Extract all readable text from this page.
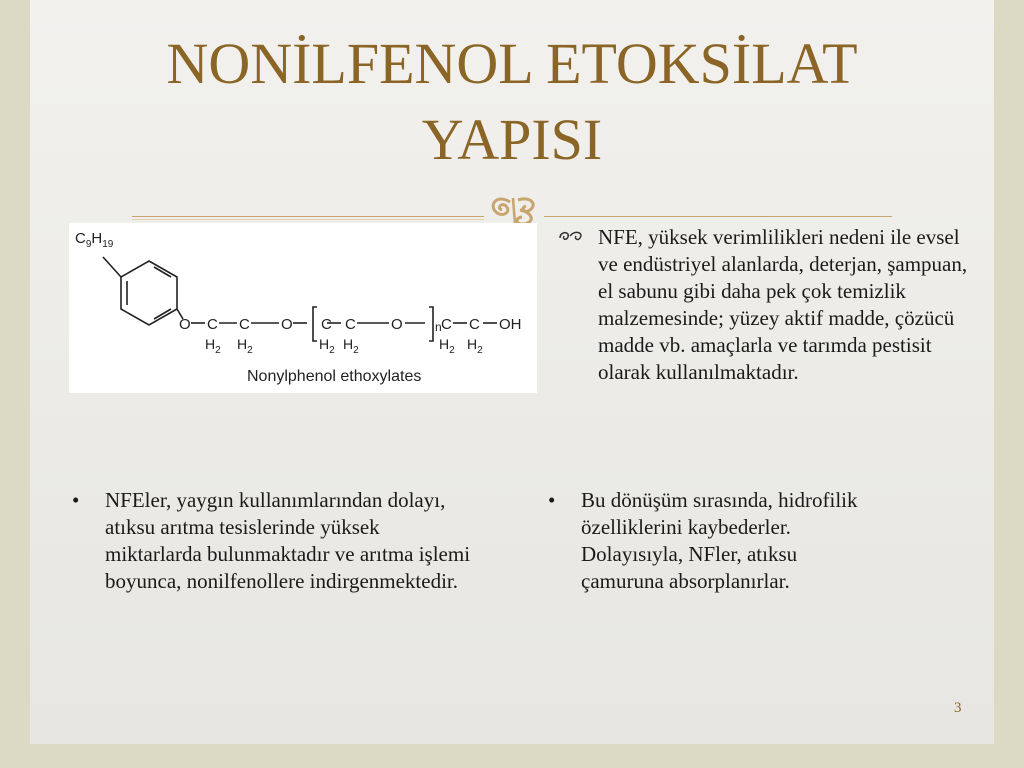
NONİLFENOL ETOKSİLAT
YAPISI
$C_9H_{19}$
O C C O C C O	n C C OH
$H_2$ $H_2$	$H_2$ $H_2$	$H_2$ $H_2$
Nonylphenol ethoxylates
NFE, yüksek verimlilikleri nedeni ile evsel ve endüstriyel alanlarda, deterjan, şampuan, el sabunu gibi daha pek çok temizlik malzemesinde; yüzey aktif madde, çözücü madde vb. amaçlarla ve tarımda pestisit olarak kullanılmaktadır.
•	NFEler, yaygın kullanımlarından dolayı, atıksu arıtma tesislerinde yüksek miktarlarda bulunmaktadır ve arıtma işlemi boyunca, nonilfenollere indirgenmektedir.
•	Bu dönüşüm sırasında, hidrofilik özelliklerini kaybederler. Dolayısıyla, NFler, atıksu çamuruna absorplanırlar.
3
